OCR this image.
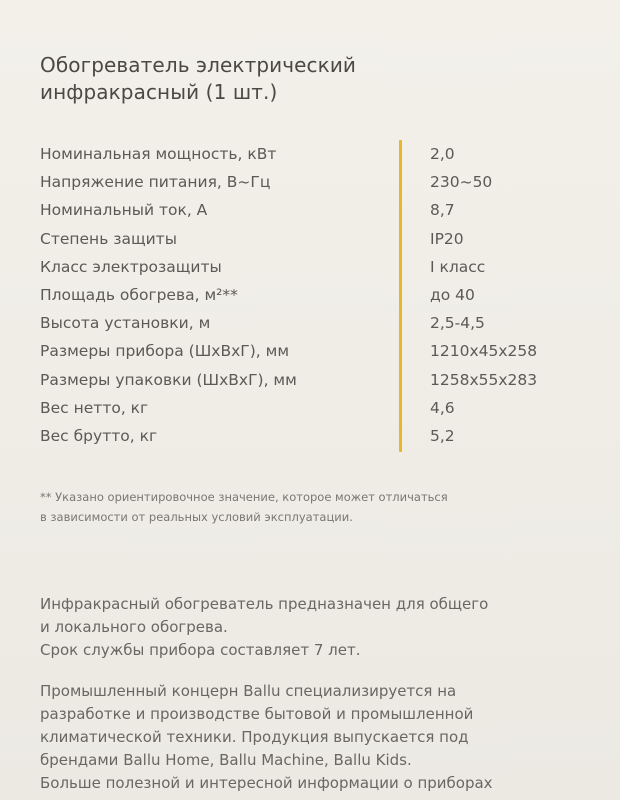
Обогреватель электрический
инфракрасный (1 шт.)
Номинальная мощность, кВт	2,0
Напряжение питания, В~Гц	230~50
Номинальный ток, А	8,7
Степень защиты	IP20
Класс электрозащиты	I класс
Площадь обогрева, м²**	до 40
Высота установки, м	2,5-4,5
Размеры прибора (ШxВxГ), мм	1210x45x258
Размеры упаковки (ШxВxГ), мм	1258x55x283
Вес нетто, кг	4,6
Вес брутто, кг	5,2
** Указано ориентировочное значение, которое может отличаться
в зависимости от реальных условий эксплуатации.
Инфракрасный обогреватель предназначен для общего
и локального обогрева.
Срок службы прибора составляет 7 лет.
Промышленный концерн Ballu специализируется на
разработке и производстве бытовой и промышленной
климатической техники. Продукция выпускается под
брендами Ballu Home, Ballu Machine, Ballu Kids.
Больше полезной и интересной информации о приборах
